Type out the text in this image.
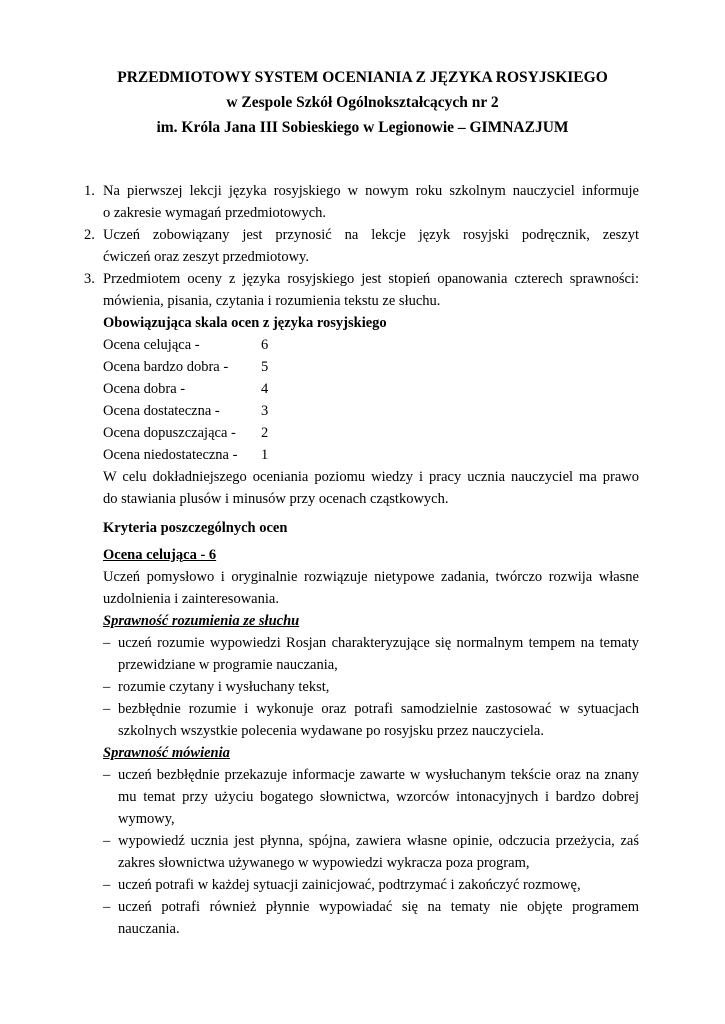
PRZEDMIOTOWY SYSTEM OCENIANIA Z JĘZYKA ROSYJSKIEGO
w Zespole Szkół Ogólnokształcących nr 2
im. Króla Jana III Sobieskiego w Legionowie – GIMNAZJUM
1. Na pierwszej lekcji języka rosyjskiego w nowym roku szkolnym nauczyciel informuje
o zakresie wymagań przedmiotowych.
2. Uczeń zobowiązany jest przynosić na lekcje język rosyjski podręcznik, zeszyt
ćwiczeń oraz zeszyt przedmiotowy.
3. Przedmiotem oceny z języka rosyjskiego jest stopień opanowania czterech sprawności:
mówienia, pisania, czytania i rozumienia tekstu ze słuchu.
Obowiązująca skala ocen z języka rosyjskiego
Ocena celująca -	6
Ocena bardzo dobra -	5
Ocena dobra -	4
Ocena dostateczna -	3
Ocena dopuszczająca -	2
Ocena niedostateczna -	1
W celu dokładniejszego oceniania poziomu wiedzy i pracy ucznia nauczyciel ma prawo
do stawiania plusów i minusów przy ocenach cząstkowych.
Kryteria poszczególnych ocen
Ocena celująca - 6
Uczeń pomysłowo i oryginalnie rozwiązuje nietypowe zadania, twórczo rozwija własne
uzdolnienia i zainteresowania.
Sprawność rozumienia ze słuchu
– uczeń rozumie wypowiedzi Rosjan charakteryzujące się normalnym tempem na tematy
przewidziane w programie nauczania,
– rozumie czytany i wysłuchany tekst,
– bezbłędnie rozumie i wykonuje oraz potrafi samodzielnie zastosować w sytuacjach
szkolnych wszystkie polecenia wydawane po rosyjsku przez nauczyciela.
Sprawność mówienia
– uczeń bezbłędnie przekazuje informacje zawarte w wysłuchanym tekście oraz na znany
mu temat przy użyciu bogatego słownictwa, wzorców intonacyjnych i bardzo dobrej
wymowy,
– wypowiedź ucznia jest płynna, spójna, zawiera własne opinie, odczucia przeżycia, zaś
zakres słownictwa używanego w wypowiedzi wykracza poza program,
– uczeń potrafi w każdej sytuacji zainicjować, podtrzymać i zakończyć rozmowę,
– uczeń potrafi również płynnie wypowiadać się na tematy nie objęte programem
nauczania.
